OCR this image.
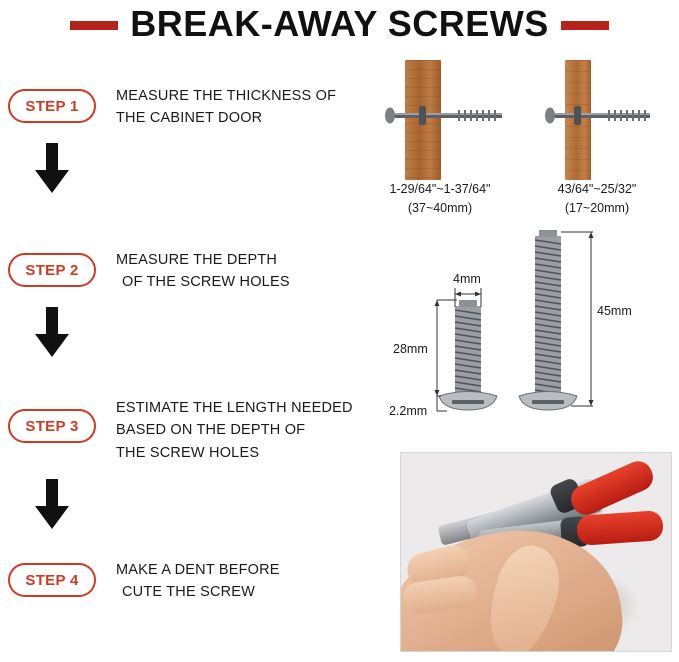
BREAK-AWAY SCREWS
STEP 1
MEASURE THE THICKNESS OF
THE CABINET DOOR
STEP 2
MEASURE THE DEPTH
OF THE SCREW HOLES
STEP 3
ESTIMATE THE LENGTH NEEDED
BASED ON THE DEPTH OF
THE SCREW HOLES
STEP 4
MAKE A DENT BEFORE
CUTE THE SCREW
1-29/64"~1-37/64"
(37~40mm)
43/64"~25/32"
(17~20mm)
4mm
28mm
2.2mm
45mm
